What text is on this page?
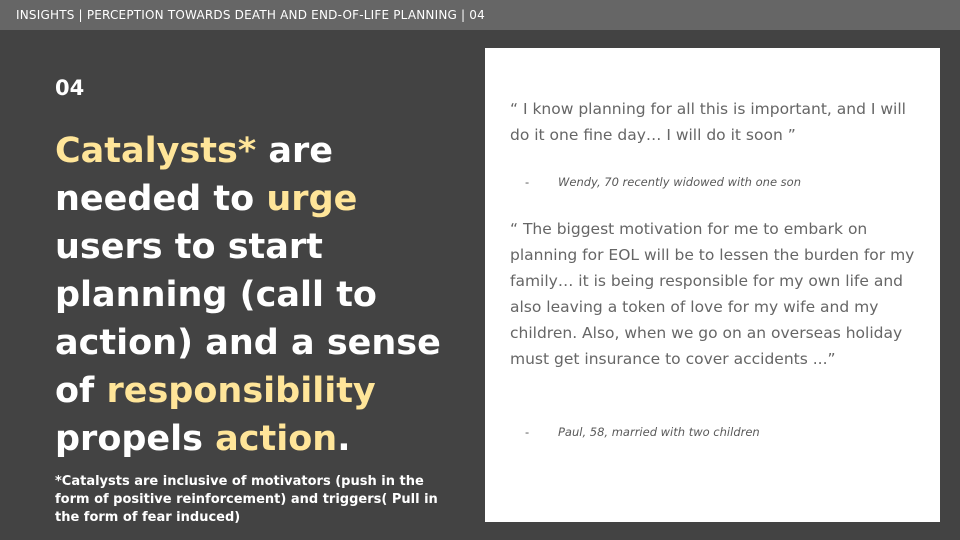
INSIGHTS | PERCEPTION TOWARDS DEATH AND END-OF-LIFE PLANNING | 04
04
Catalysts* are needed to urge users to start planning (call to action) and a sense of responsibility propels action.
*Catalysts are inclusive of motivators (push in the form of positive reinforcement) and triggers( Pull in the form of fear induced)
“ I know planning for all this is important, and I will do it one fine day… I will do it soon ”
-	Wendy, 70 recently widowed with one son
“ The biggest motivation for me to embark on planning for EOL will be to lessen the burden for my family… it is being responsible for my own life and also leaving a token of love for my wife and my children. Also, when we go on an overseas holiday must get insurance to cover accidents ...”
-	Paul, 58, married with two children
